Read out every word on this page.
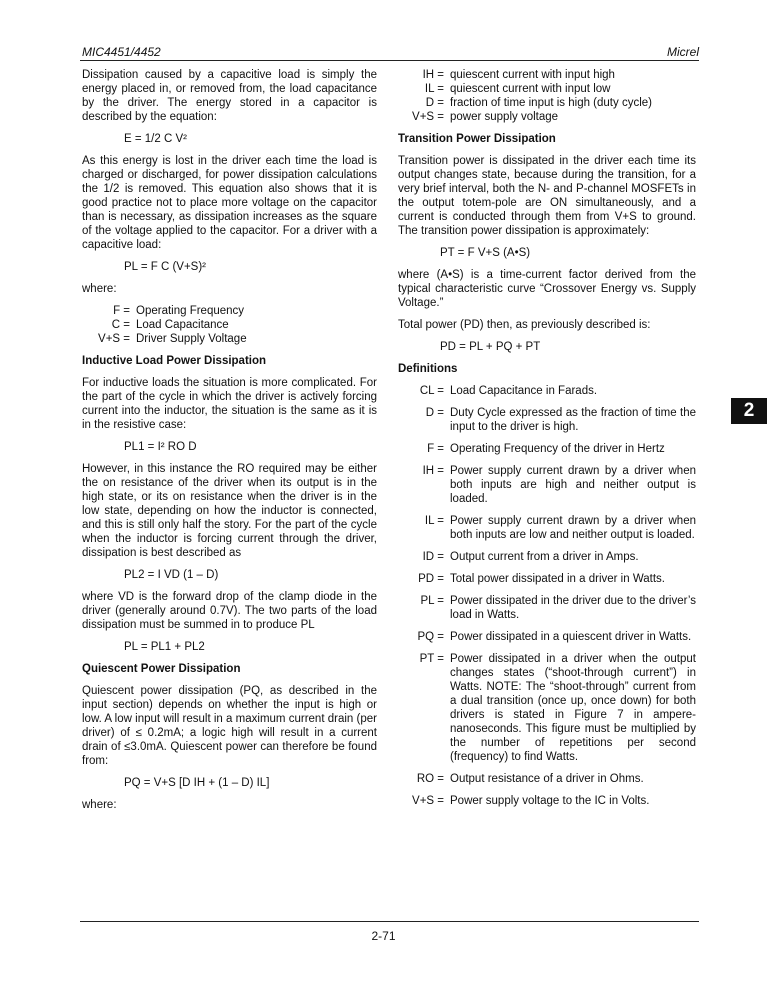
MIC4451/4452	Micrel
2

Dissipation caused by a capacitive load is simply the energy placed in, or removed from, the load capacitance by the driver. The energy stored in a capacitor is described by the equation:

E = 1/2 C V²

As this energy is lost in the driver each time the load is charged or discharged, for power dissipation calculations the 1/2 is removed. This equation also shows that it is good practice not to place more voltage on the capacitor than is necessary, as dissipation increases as the square of the voltage applied to the capacitor. For a driver with a capacitive load:

PL = F C (V+S)²
where:
F = Operating Frequency
C = Load Capacitance
V+S = Driver Supply Voltage
Inductive Load Power Dissipation

For inductive loads the situation is more complicated. For the part of the cycle in which the driver is actively forcing current into the inductor, the situation is the same as it is in the resistive case:

PL1 = I² RO D

However, in this instance the RO required may be either the on resistance of the driver when its output is in the high state, or its on resistance when the driver is in the low state, depending on how the inductor is connected, and this is still only half the story. For the part of the cycle when the inductor is forcing current through the driver, dissipation is best described as

PL2 = I VD (1 – D)

where VD is the forward drop of the clamp diode in the driver (generally around 0.7V). The two parts of the load dissipation must be summed in to produce PL

PL = PL1 + PL2
Quiescent Power Dissipation

Quiescent power dissipation (PQ, as described in the input section) depends on whether the input is high or low. A low input will result in a maximum current drain (per driver) of ≤ 0.2mA; a logic high will result in a current drain of ≤3.0mA. Quiescent power can therefore be found from:

PQ = V+S [D IH + (1 – D) IL]
where:
IH = quiescent current with input high
IL = quiescent current with input low
D = fraction of time input is high (duty cycle)
V+S = power supply voltage
Transition Power Dissipation

Transition power is dissipated in the driver each time its output changes state, because during the transition, for a very brief interval, both the N- and P-channel MOSFETs in the output totem-pole are ON simultaneously, and a current is conducted through them from V+S to ground. The transition power dissipation is approximately:

PT = F V+S (A•S)

where (A•S) is a time-current factor derived from the typical characteristic curve “Crossover Energy vs. Supply Voltage.”

Total power (PD) then, as previously described is:

PD = PL + PQ + PT
Definitions
CL = Load Capacitance in Farads.
D = Duty Cycle expressed as the fraction of time the input to the driver is high.
F = Operating Frequency of the driver in Hertz
IH = Power supply current drawn by a driver when both inputs are high and neither output is loaded.
IL = Power supply current drawn by a driver when both inputs are low and neither output is loaded.
ID = Output current from a driver in Amps.
PD = Total power dissipated in a driver in Watts.
PL = Power dissipated in the driver due to the driver’s load in Watts.
PQ = Power dissipated in a quiescent driver in Watts.
PT = Power dissipated in a driver when the output changes states (“shoot-through current”) in Watts. NOTE: The “shoot-through” current from a dual transition (once up, once down) for both drivers is stated in Figure 7 in ampere-nanoseconds. This figure must be multiplied by the number of repetitions per second (frequency) to find Watts.
RO = Output resistance of a driver in Ohms.
V+S = Power supply voltage to the IC in Volts.
2-71
